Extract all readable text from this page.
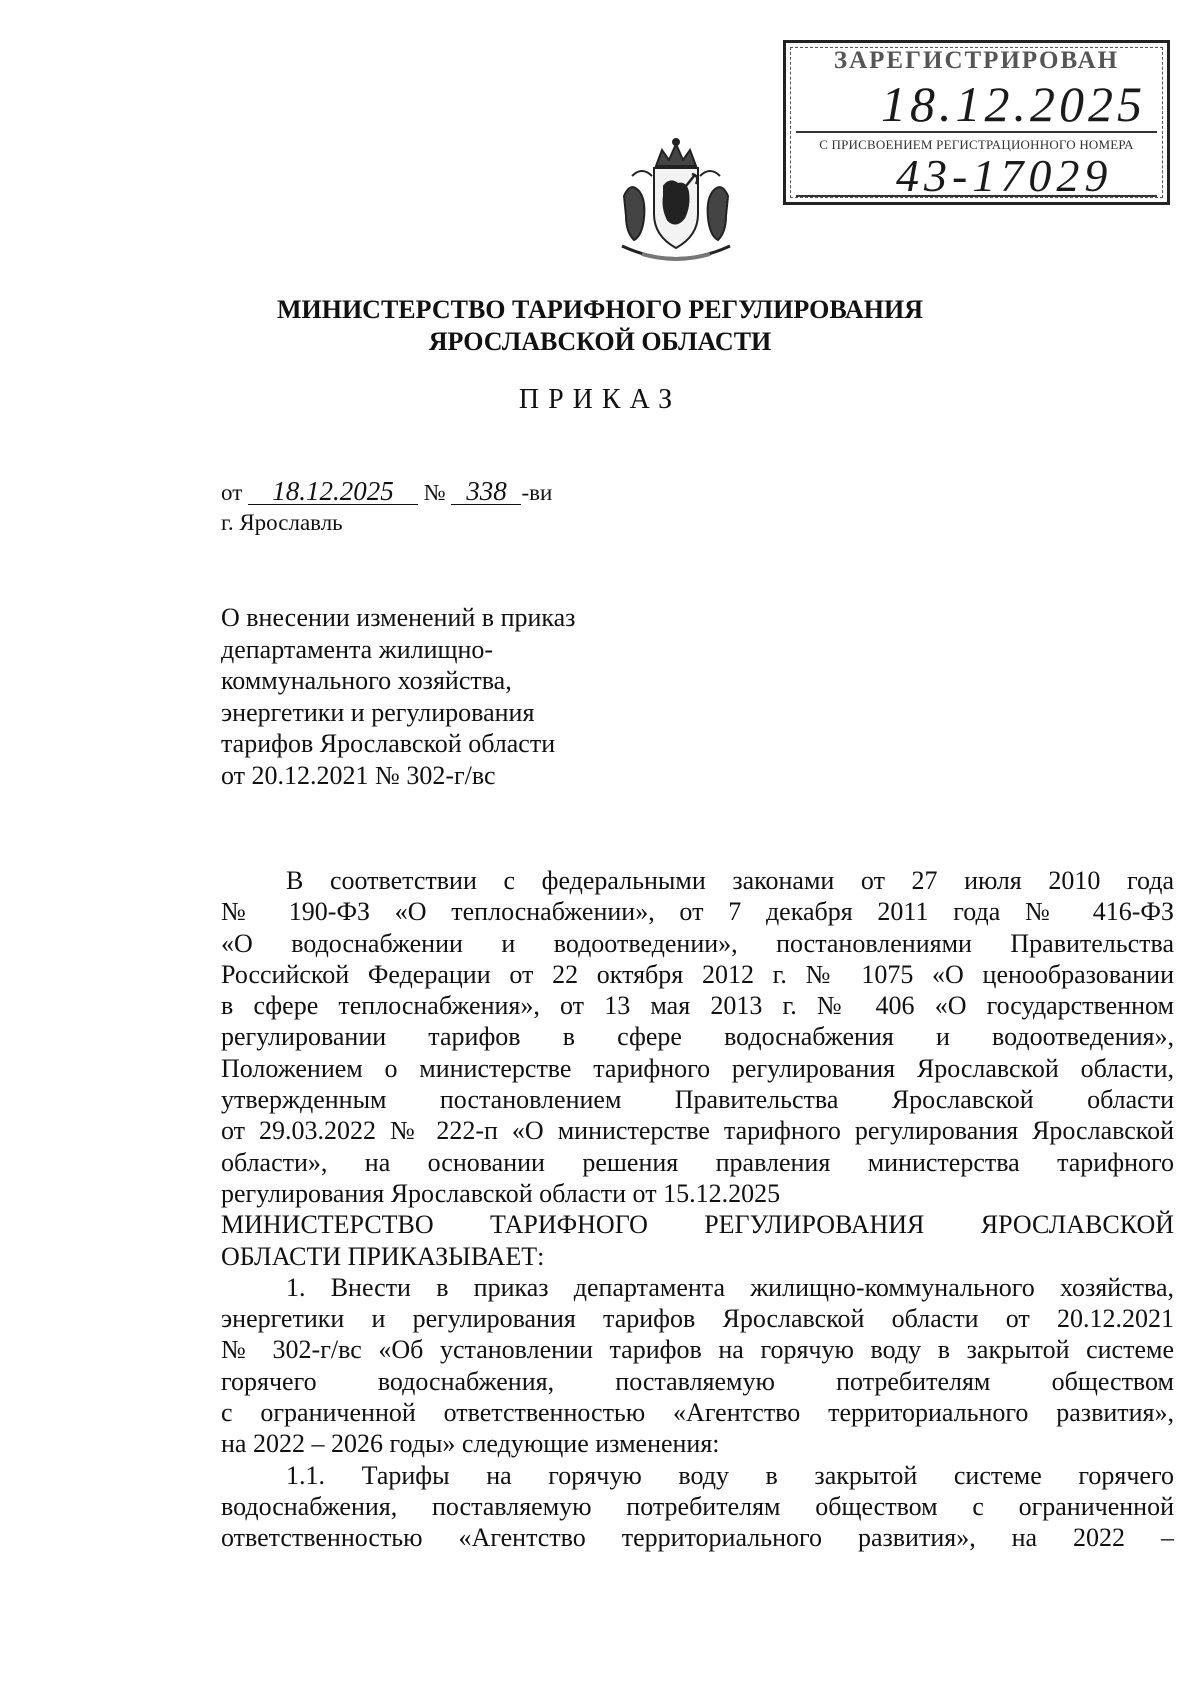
ЗАРЕГИСТРИРОВАН
18.12.2025
С ПРИСВОЕНИЕМ РЕГИСТРАЦИОННОГО НОМЕРА
43-17029
МИНИСТЕРСТВО ТАРИФНОГО РЕГУЛИРОВАНИЯ
ЯРОСЛАВСКОЙ ОБЛАСТИ
ПРИКАЗ
от 18.12.2025 № 338 -ви
г. Ярославль
О внесении изменений в приказ
департамента жилищно-
коммунального хозяйства,
энергетики и регулирования
тарифов Ярославской области
от 20.12.2021 № 302-г/вс
В соответствии с федеральными законами от 27 июля 2010 года
№ 190-ФЗ «О теплоснабжении», от 7 декабря 2011 года № 416-ФЗ
«О водоснабжении и водоотведении», постановлениями Правительства
Российской Федерации от 22 октября 2012 г. № 1075 «О ценообразовании
в сфере теплоснабжения», от 13 мая 2013 г. № 406 «О государственном
регулировании тарифов в сфере водоснабжения и водоотведения»,
Положением о министерстве тарифного регулирования Ярославской области,
утвержденным постановлением Правительства Ярославской области
от 29.03.2022 № 222-п «О министерстве тарифного регулирования Ярославской
области», на основании решения правления министерства тарифного
регулирования Ярославской области от 15.12.2025
МИНИСТЕРСТВО ТАРИФНОГО РЕГУЛИРОВАНИЯ ЯРОСЛАВСКОЙ
ОБЛАСТИ ПРИКАЗЫВАЕТ:
1. Внести в приказ департамента жилищно-коммунального хозяйства,
энергетики и регулирования тарифов Ярославской области от 20.12.2021
№ 302-г/вс «Об установлении тарифов на горячую воду в закрытой системе
горячего водоснабжения, поставляемую потребителям обществом
с ограниченной ответственностью «Агентство территориального развития»,
на 2022 – 2026 годы» следующие изменения:
1.1. Тарифы на горячую воду в закрытой системе горячего
водоснабжения, поставляемую потребителям обществом с ограниченной
ответственностью «Агентство территориального развития», на 2022 –
